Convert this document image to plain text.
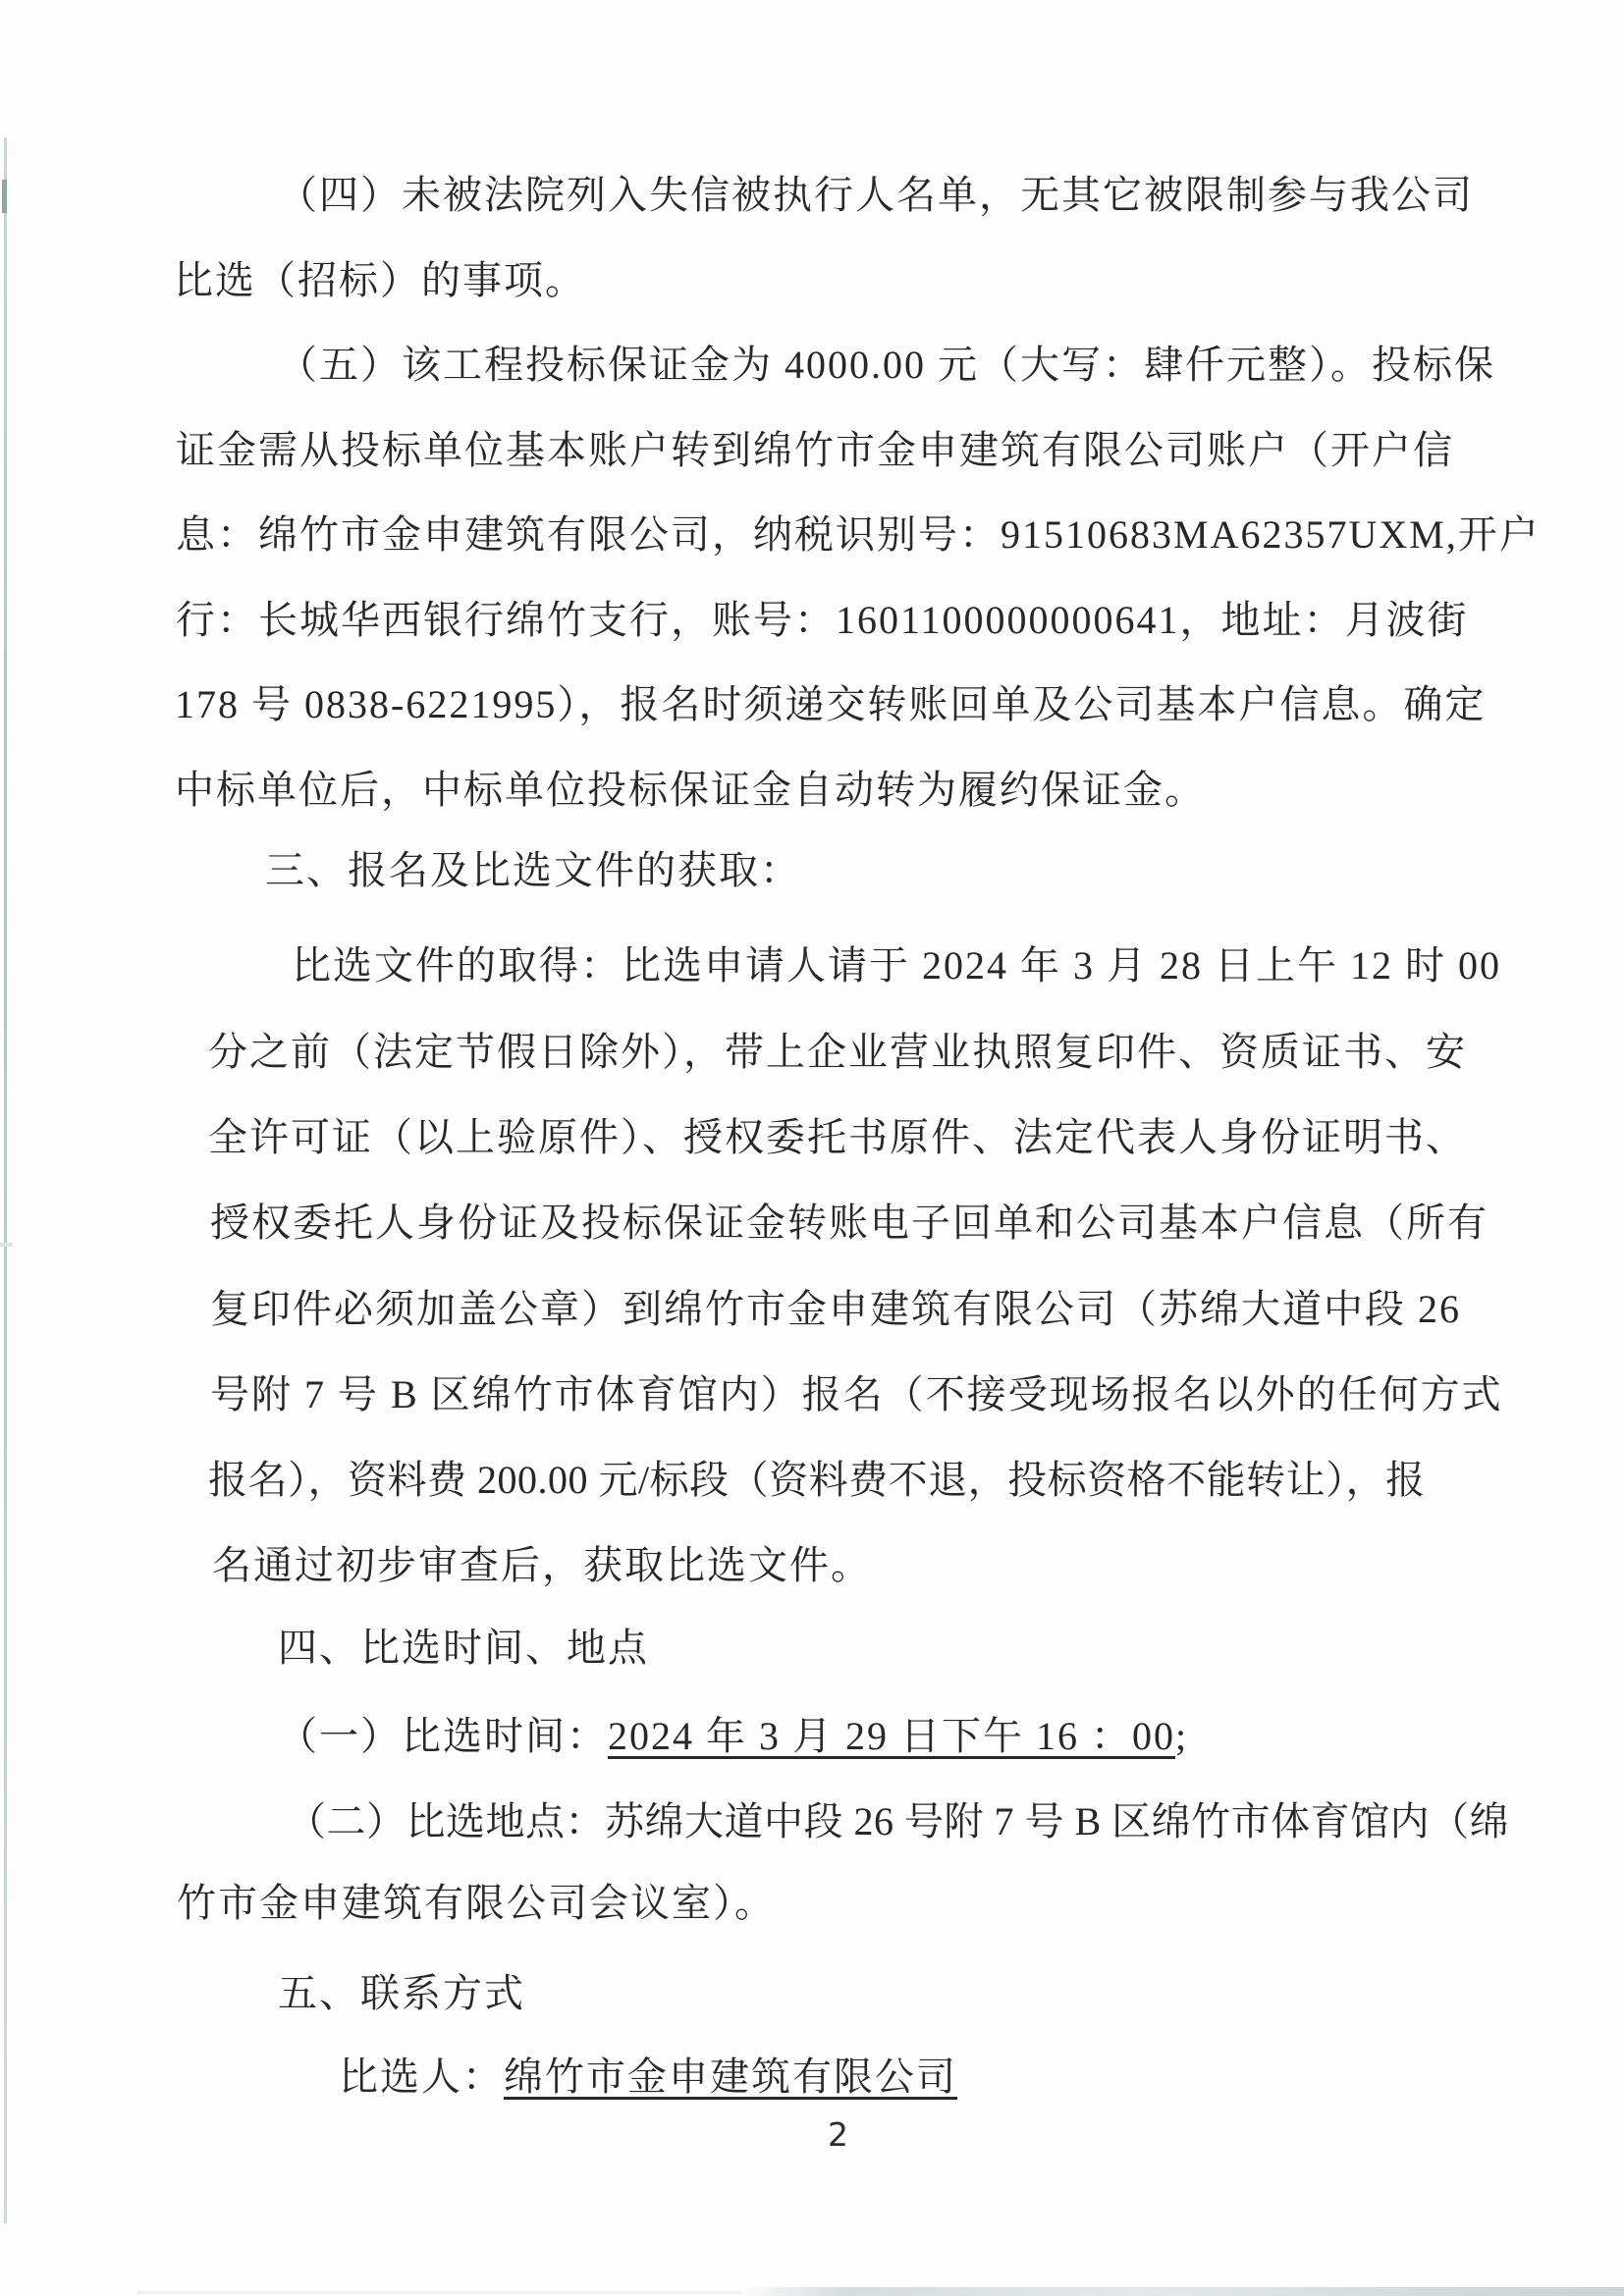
（四）未被法院列入失信被执行人名单，无其它被限制参与我公司
比选（招标）的事项。
（五）该工程投标保证金为 4000.00 元（大写：肆仟元整）。投标保
证金需从投标单位基本账户转到绵竹市金申建筑有限公司账户（开户信
息：绵竹市金申建筑有限公司，纳税识别号：91510683MA62357UXM,开户
行：长城华西银行绵竹支行，账号：1601100000000641，地址：月波街
178 号 0838-6221995），报名时须递交转账回单及公司基本户信息。确定
中标单位后，中标单位投标保证金自动转为履约保证金。
三、报名及比选文件的获取：
比选文件的取得：比选申请人请于 2024 年 3 月 28 日上午 12 时 00
分之前（法定节假日除外），带上企业营业执照复印件、资质证书、安
全许可证（以上验原件）、授权委托书原件、法定代表人身份证明书、
授权委托人身份证及投标保证金转账电子回单和公司基本户信息（所有
复印件必须加盖公章）到绵竹市金申建筑有限公司（苏绵大道中段 26
号附 7 号 B 区绵竹市体育馆内）报名（不接受现场报名以外的任何方式
报名），资料费 200.00 元/标段（资料费不退，投标资格不能转让），报
名通过初步审查后，获取比选文件。
四、比选时间、地点
（一）比选时间：2024 年 3 月 29 日下午 16 ：00;
（二）比选地点：苏绵大道中段 26 号附 7 号 B 区绵竹市体育馆内（绵
竹市金申建筑有限公司会议室）。
五、联系方式
比选人：绵竹市金申建筑有限公司
2
